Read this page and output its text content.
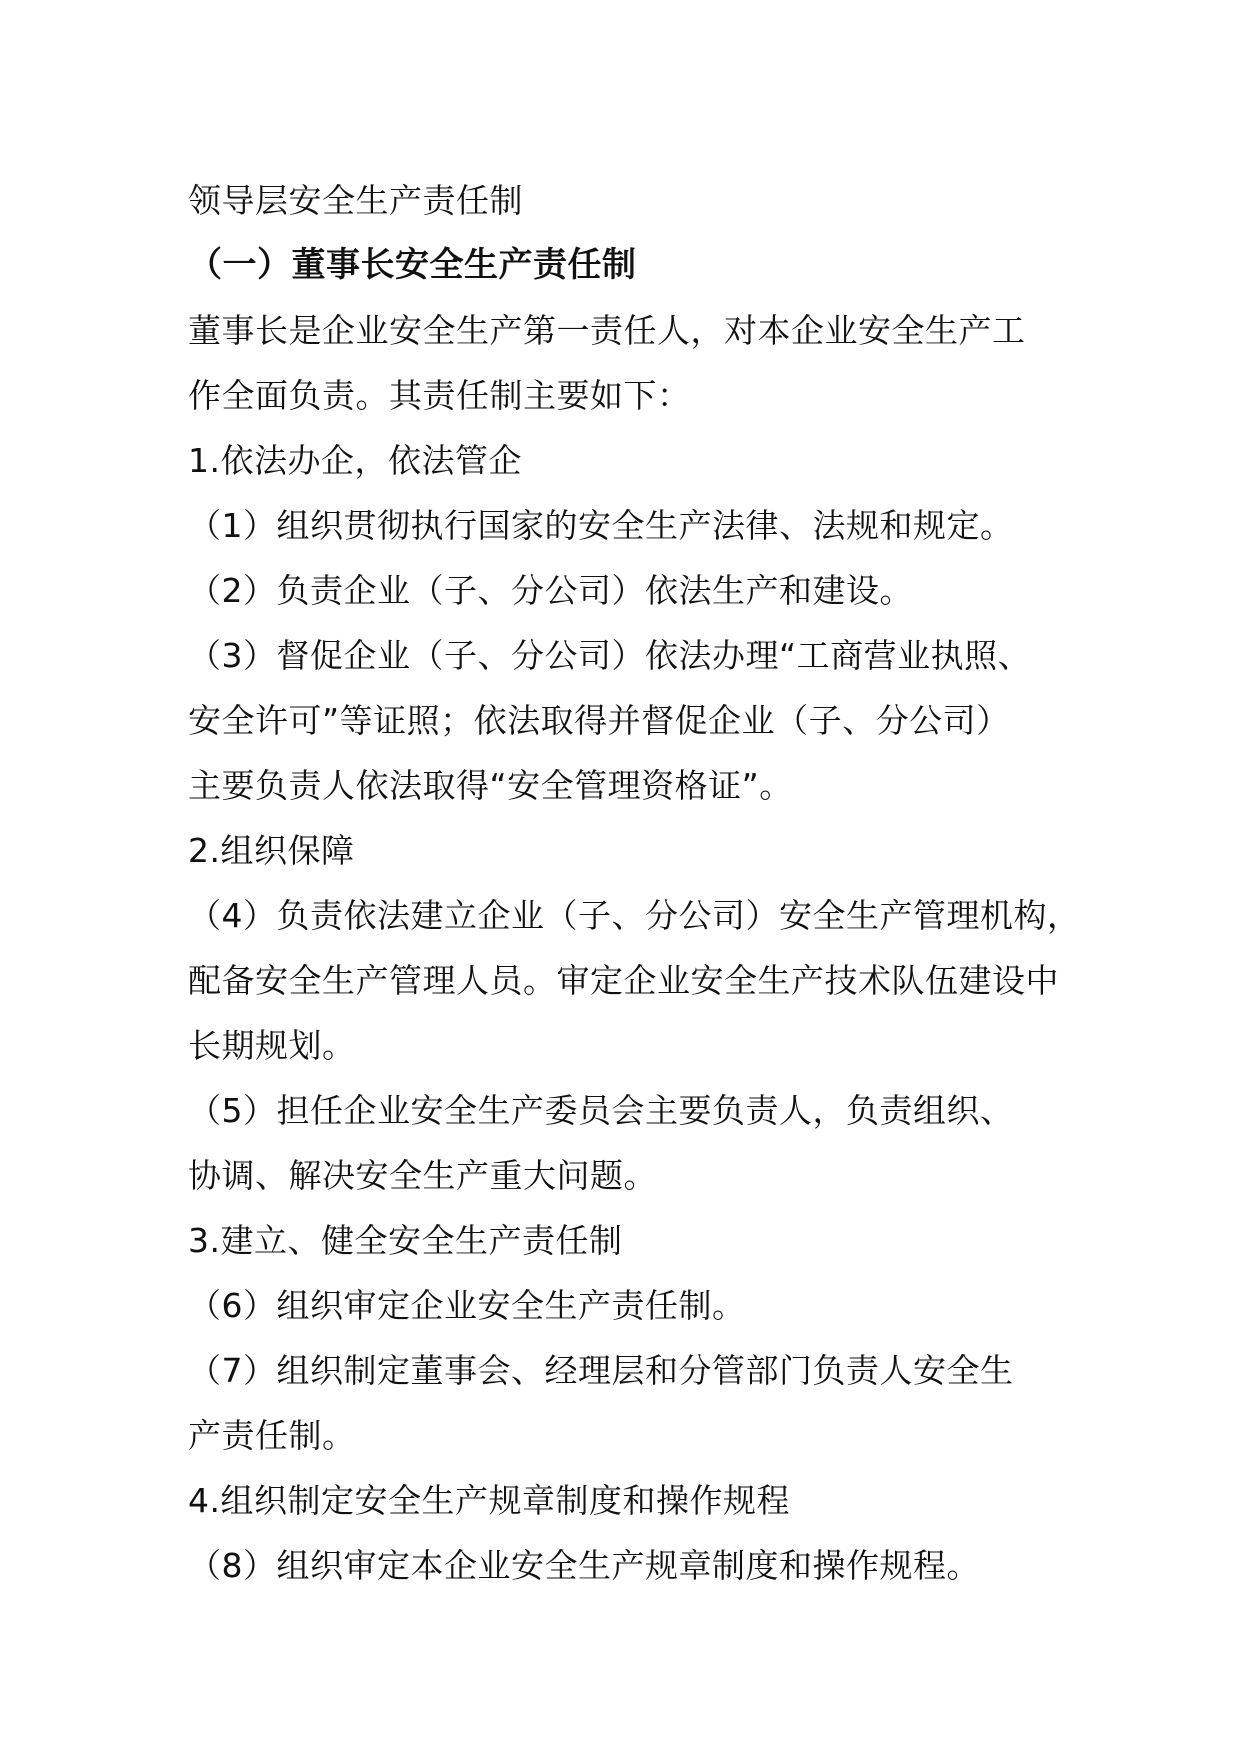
领导层安全生产责任制
（一）董事长安全生产责任制
董事长是企业安全生产第一责任人，对本企业安全生产工
作全面负责。其责任制主要如下：
1.依法办企，依法管企
（1）组织贯彻执行国家的安全生产法律、法规和规定。
（2）负责企业（子、分公司）依法生产和建设。
（3）督促企业（子、分公司）依法办理“工商营业执照、
安全许可”等证照；依法取得并督促企业（子、分公司）
主要负责人依法取得“安全管理资格证”。
2.组织保障
（4）负责依法建立企业（子、分公司）安全生产管理机构，
配备安全生产管理人员。审定企业安全生产技术队伍建设中
长期规划。
（5）担任企业安全生产委员会主要负责人，负责组织、
协调、解决安全生产重大问题。
3.建立、健全安全生产责任制
（6）组织审定企业安全生产责任制。
（7）组织制定董事会、经理层和分管部门负责人安全生
产责任制。
4.组织制定安全生产规章制度和操作规程
（8）组织审定本企业安全生产规章制度和操作规程。
